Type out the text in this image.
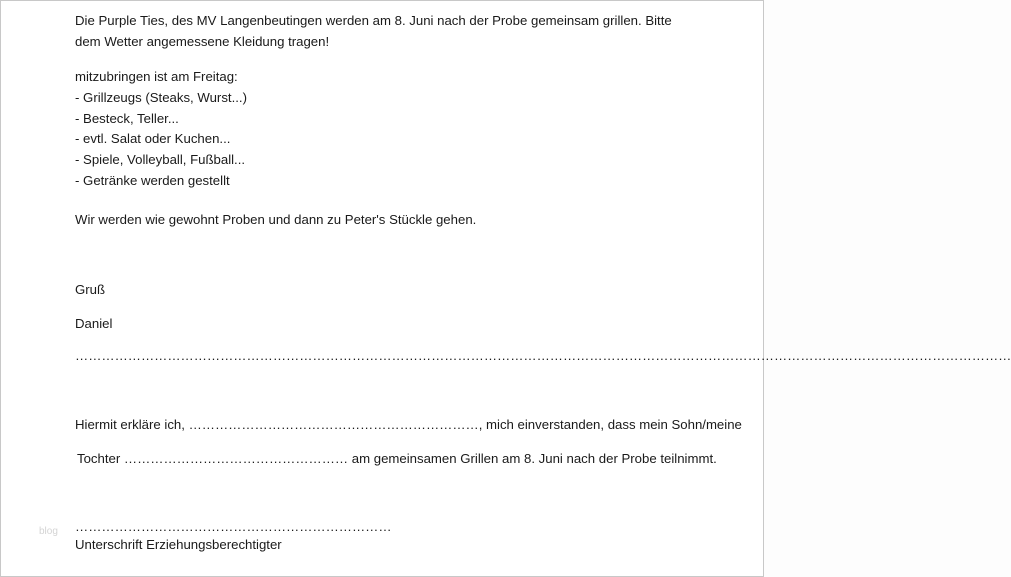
Die Purple Ties, des MV Langenbeutingen werden am 8. Juni nach der Probe gemeinsam grillen. Bitte
dem Wetter angemessene Kleidung tragen!
mitzubringen ist am Freitag:
- Grillzeugs (Steaks, Wurst...)
- Besteck, Teller...
- evtl. Salat oder Kuchen...
- Spiele, Volleyball, Fußball...
- Getränke werden gestellt
Wir werden wie gewohnt Proben und dann zu Peter's Stückle gehen.
Gruß
Daniel
……………………………………………………………………………………………………………………………………………………………………………………………
Hiermit erkläre ich, …………………………………………………………, mich einverstanden, dass mein Sohn/meine
Tochter …………………………………………… am gemeinsamen Grillen am 8. Juni nach der Probe teilnimmt.
………………………………………………………………
Unterschrift Erziehungsberechtigter
blog
